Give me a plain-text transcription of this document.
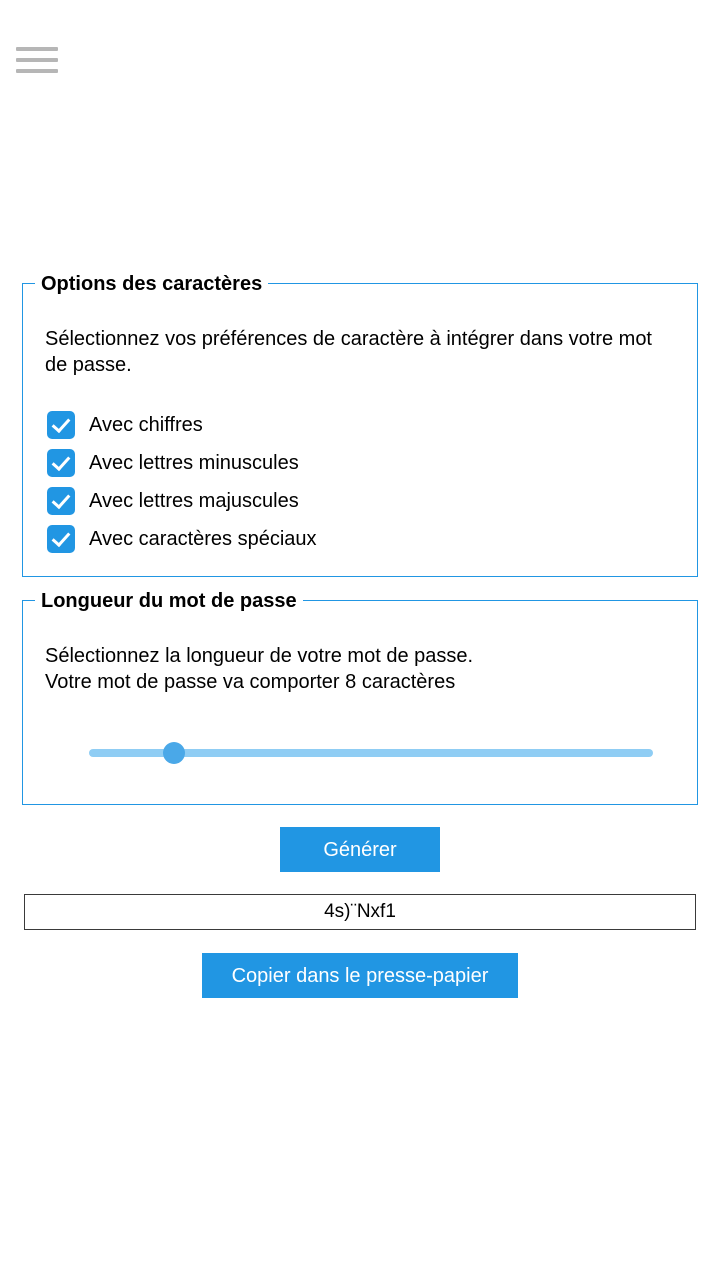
Options des caractères
Sélectionnez vos préférences de caractère à intégrer dans votre mot de passe.
Avec chiffres
Avec lettres minuscules
Avec lettres majuscules
Avec caractères spéciaux
Longueur du mot de passe
Sélectionnez la longueur de votre mot de passe.
Votre mot de passe va comporter 8 caractères
Générer
4s)¨Nxf1
Copier dans le presse-papier
